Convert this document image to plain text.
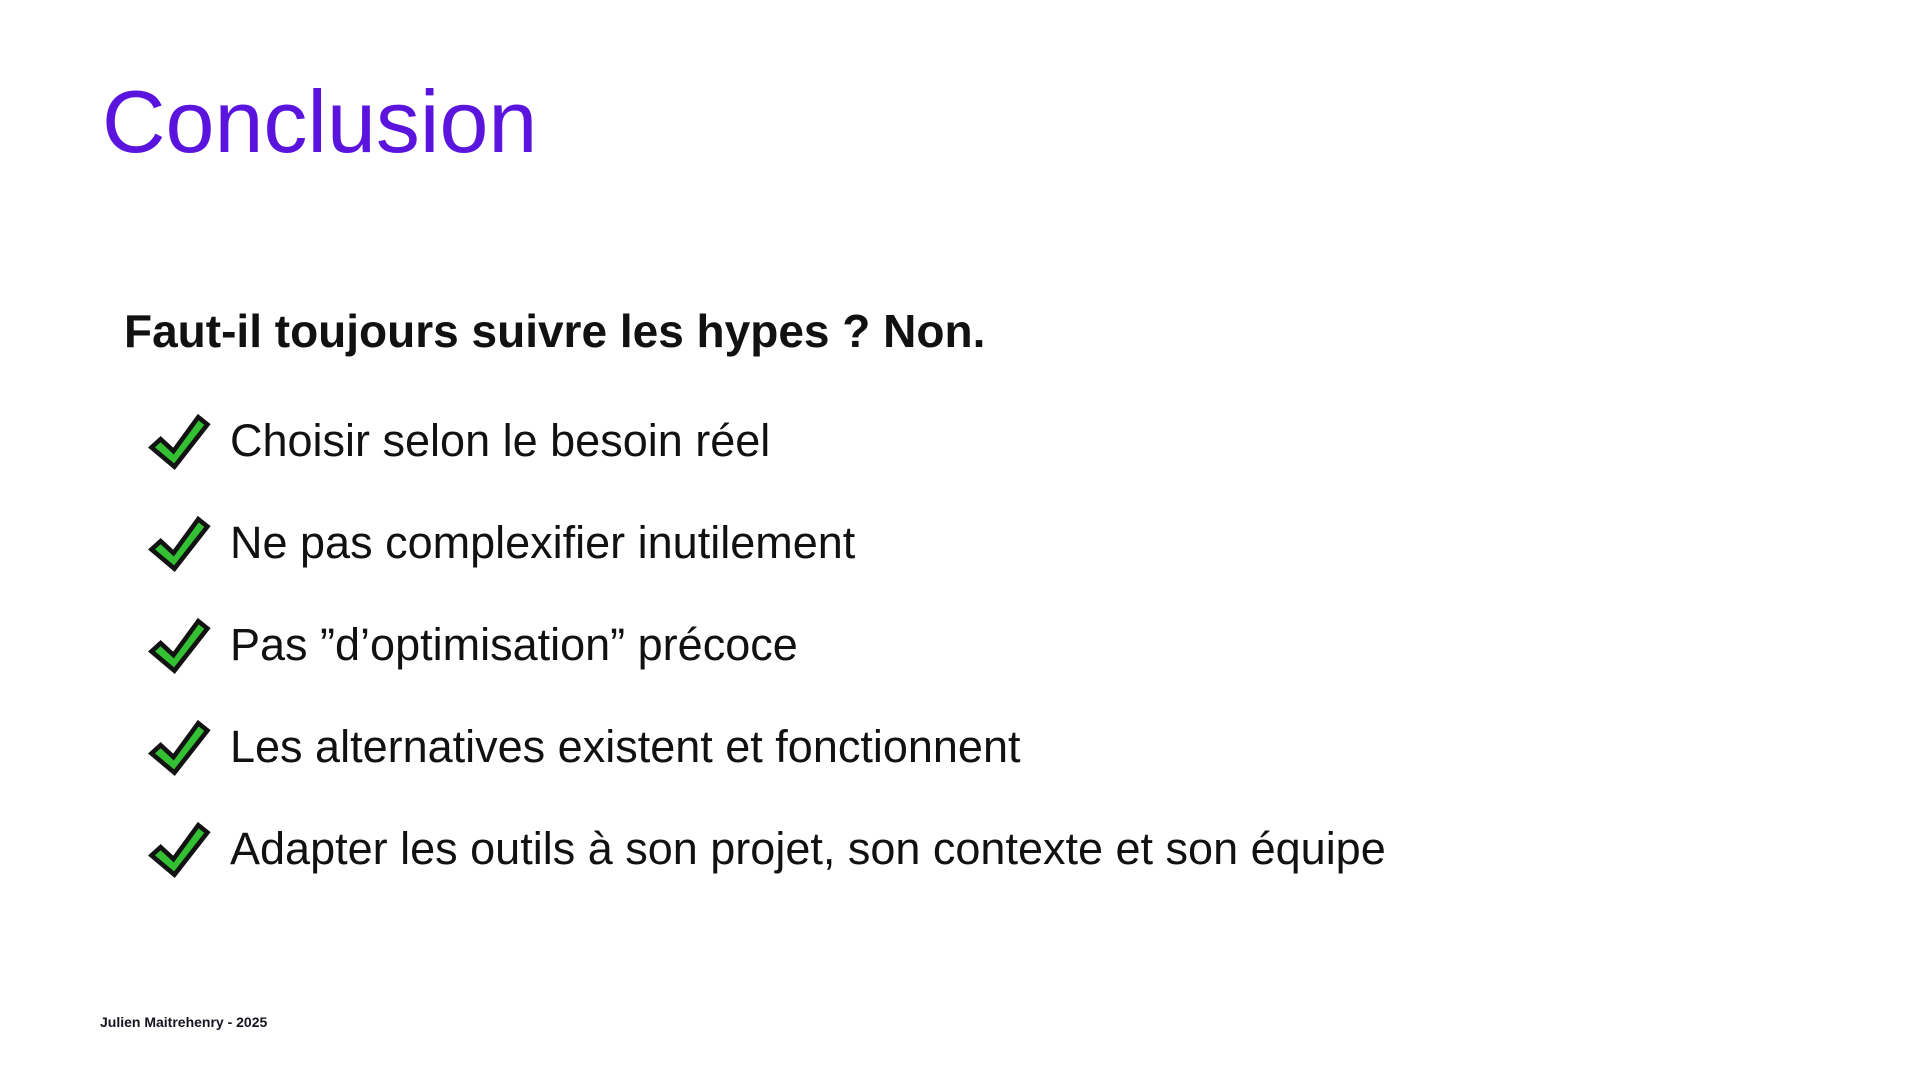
Conclusion

Faut-il toujours suivre les hypes ? Non.

Choisir selon le besoin réel
Ne pas complexifier inutilement
Pas ”d’optimisation” précoce
Les alternatives existent et fonctionnent
Adapter les outils à son projet, son contexte et son équipe
Julien Maitrehenry - 2025
